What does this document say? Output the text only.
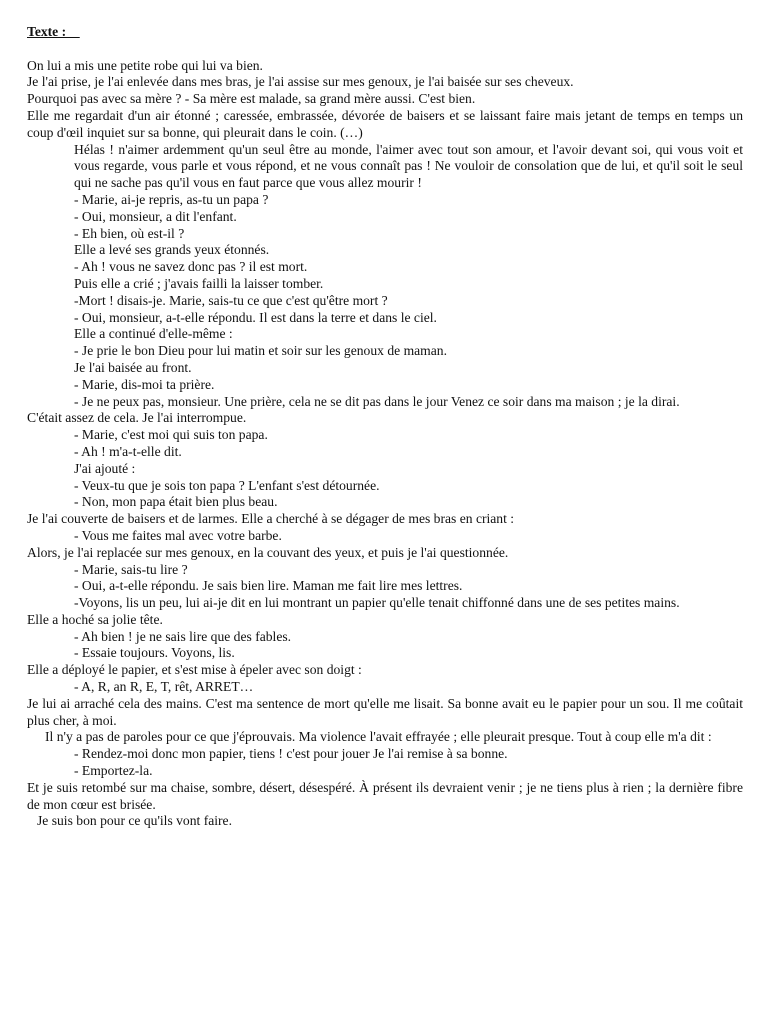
Texte :

On lui a mis une petite robe qui lui va bien.

Je l'ai prise, je l'ai enlevée dans mes bras, je l'ai assise sur mes genoux, je l'ai baisée sur ses cheveux.

Pourquoi pas avec sa mère ? - Sa mère est malade, sa grand mère aussi. C'est bien.

Elle me regardait d'un air étonné ; caressée, embrassée, dévorée de baisers et se laissant faire mais jetant de temps en temps un coup d'œil inquiet sur sa bonne, qui pleurait dans le coin. (…)

Hélas ! n'aimer ardemment qu'un seul être au monde, l'aimer avec tout son amour, et l'avoir devant soi, qui vous voit et vous regarde, vous parle et vous répond, et ne vous connaît pas ! Ne vouloir de consolation que de lui, et qu'il soit le seul qui ne sache pas qu'il vous en faut parce que vous allez mourir !

- Marie, ai-je repris, as-tu un papa ?

- Oui, monsieur, a dit l'enfant.

- Eh bien, où est-il ?

Elle a levé ses grands yeux étonnés.

- Ah ! vous ne savez donc pas ? il est mort.

Puis elle a crié ; j'avais failli la laisser tomber.

-Mort ! disais-je. Marie, sais-tu ce que c'est qu'être mort ?

- Oui, monsieur, a-t-elle répondu. Il est dans la terre et dans le ciel.

Elle a continué d'elle-même :

- Je prie le bon Dieu pour lui matin et soir sur les genoux de maman.

Je l'ai baisée au front.

- Marie, dis-moi ta prière.

- Je ne peux pas, monsieur. Une prière, cela ne se dit pas dans le jour Venez ce soir dans ma maison ; je la dirai.

C'était assez de cela. Je l'ai interrompue.

- Marie, c'est moi qui suis ton papa.

- Ah ! m'a-t-elle dit.

J'ai ajouté :

- Veux-tu que je sois ton papa ? L'enfant s'est détournée.

- Non, mon papa était bien plus beau.

Je l'ai couverte de baisers et de larmes. Elle a cherché à se dégager de mes bras en criant :

- Vous me faites mal avec votre barbe.

Alors, je l'ai replacée sur mes genoux, en la couvant des yeux, et puis je l'ai questionnée.

- Marie, sais-tu lire ?

- Oui, a-t-elle répondu. Je sais bien lire. Maman me fait lire mes lettres.

-Voyons, lis un peu, lui ai-je dit en lui montrant un papier qu'elle tenait chiffonné dans une de ses petites mains.

Elle a hoché sa jolie tête.

- Ah bien ! je ne sais lire que des fables.

- Essaie toujours. Voyons, lis.

Elle a déployé le papier, et s'est mise à épeler avec son doigt :

- A, R, an R, E, T, rêt, ARRET…

Je lui ai arraché cela des mains. C'est ma sentence de mort qu'elle me lisait. Sa bonne avait eu le papier pour un sou. Il me coûtait plus cher, à moi.

Il n'y a pas de paroles pour ce que j'éprouvais. Ma violence l'avait effrayée ; elle pleurait presque. Tout à coup elle m'a dit :

- Rendez-moi donc mon papier, tiens ! c'est pour jouer Je l'ai remise à sa bonne.

- Emportez-la.

Et je suis retombé sur ma chaise, sombre, désert, désespéré. À présent ils devraient venir ; je ne tiens plus à rien ; la dernière fibre de mon cœur est brisée.

Je suis bon pour ce qu'ils vont faire.
